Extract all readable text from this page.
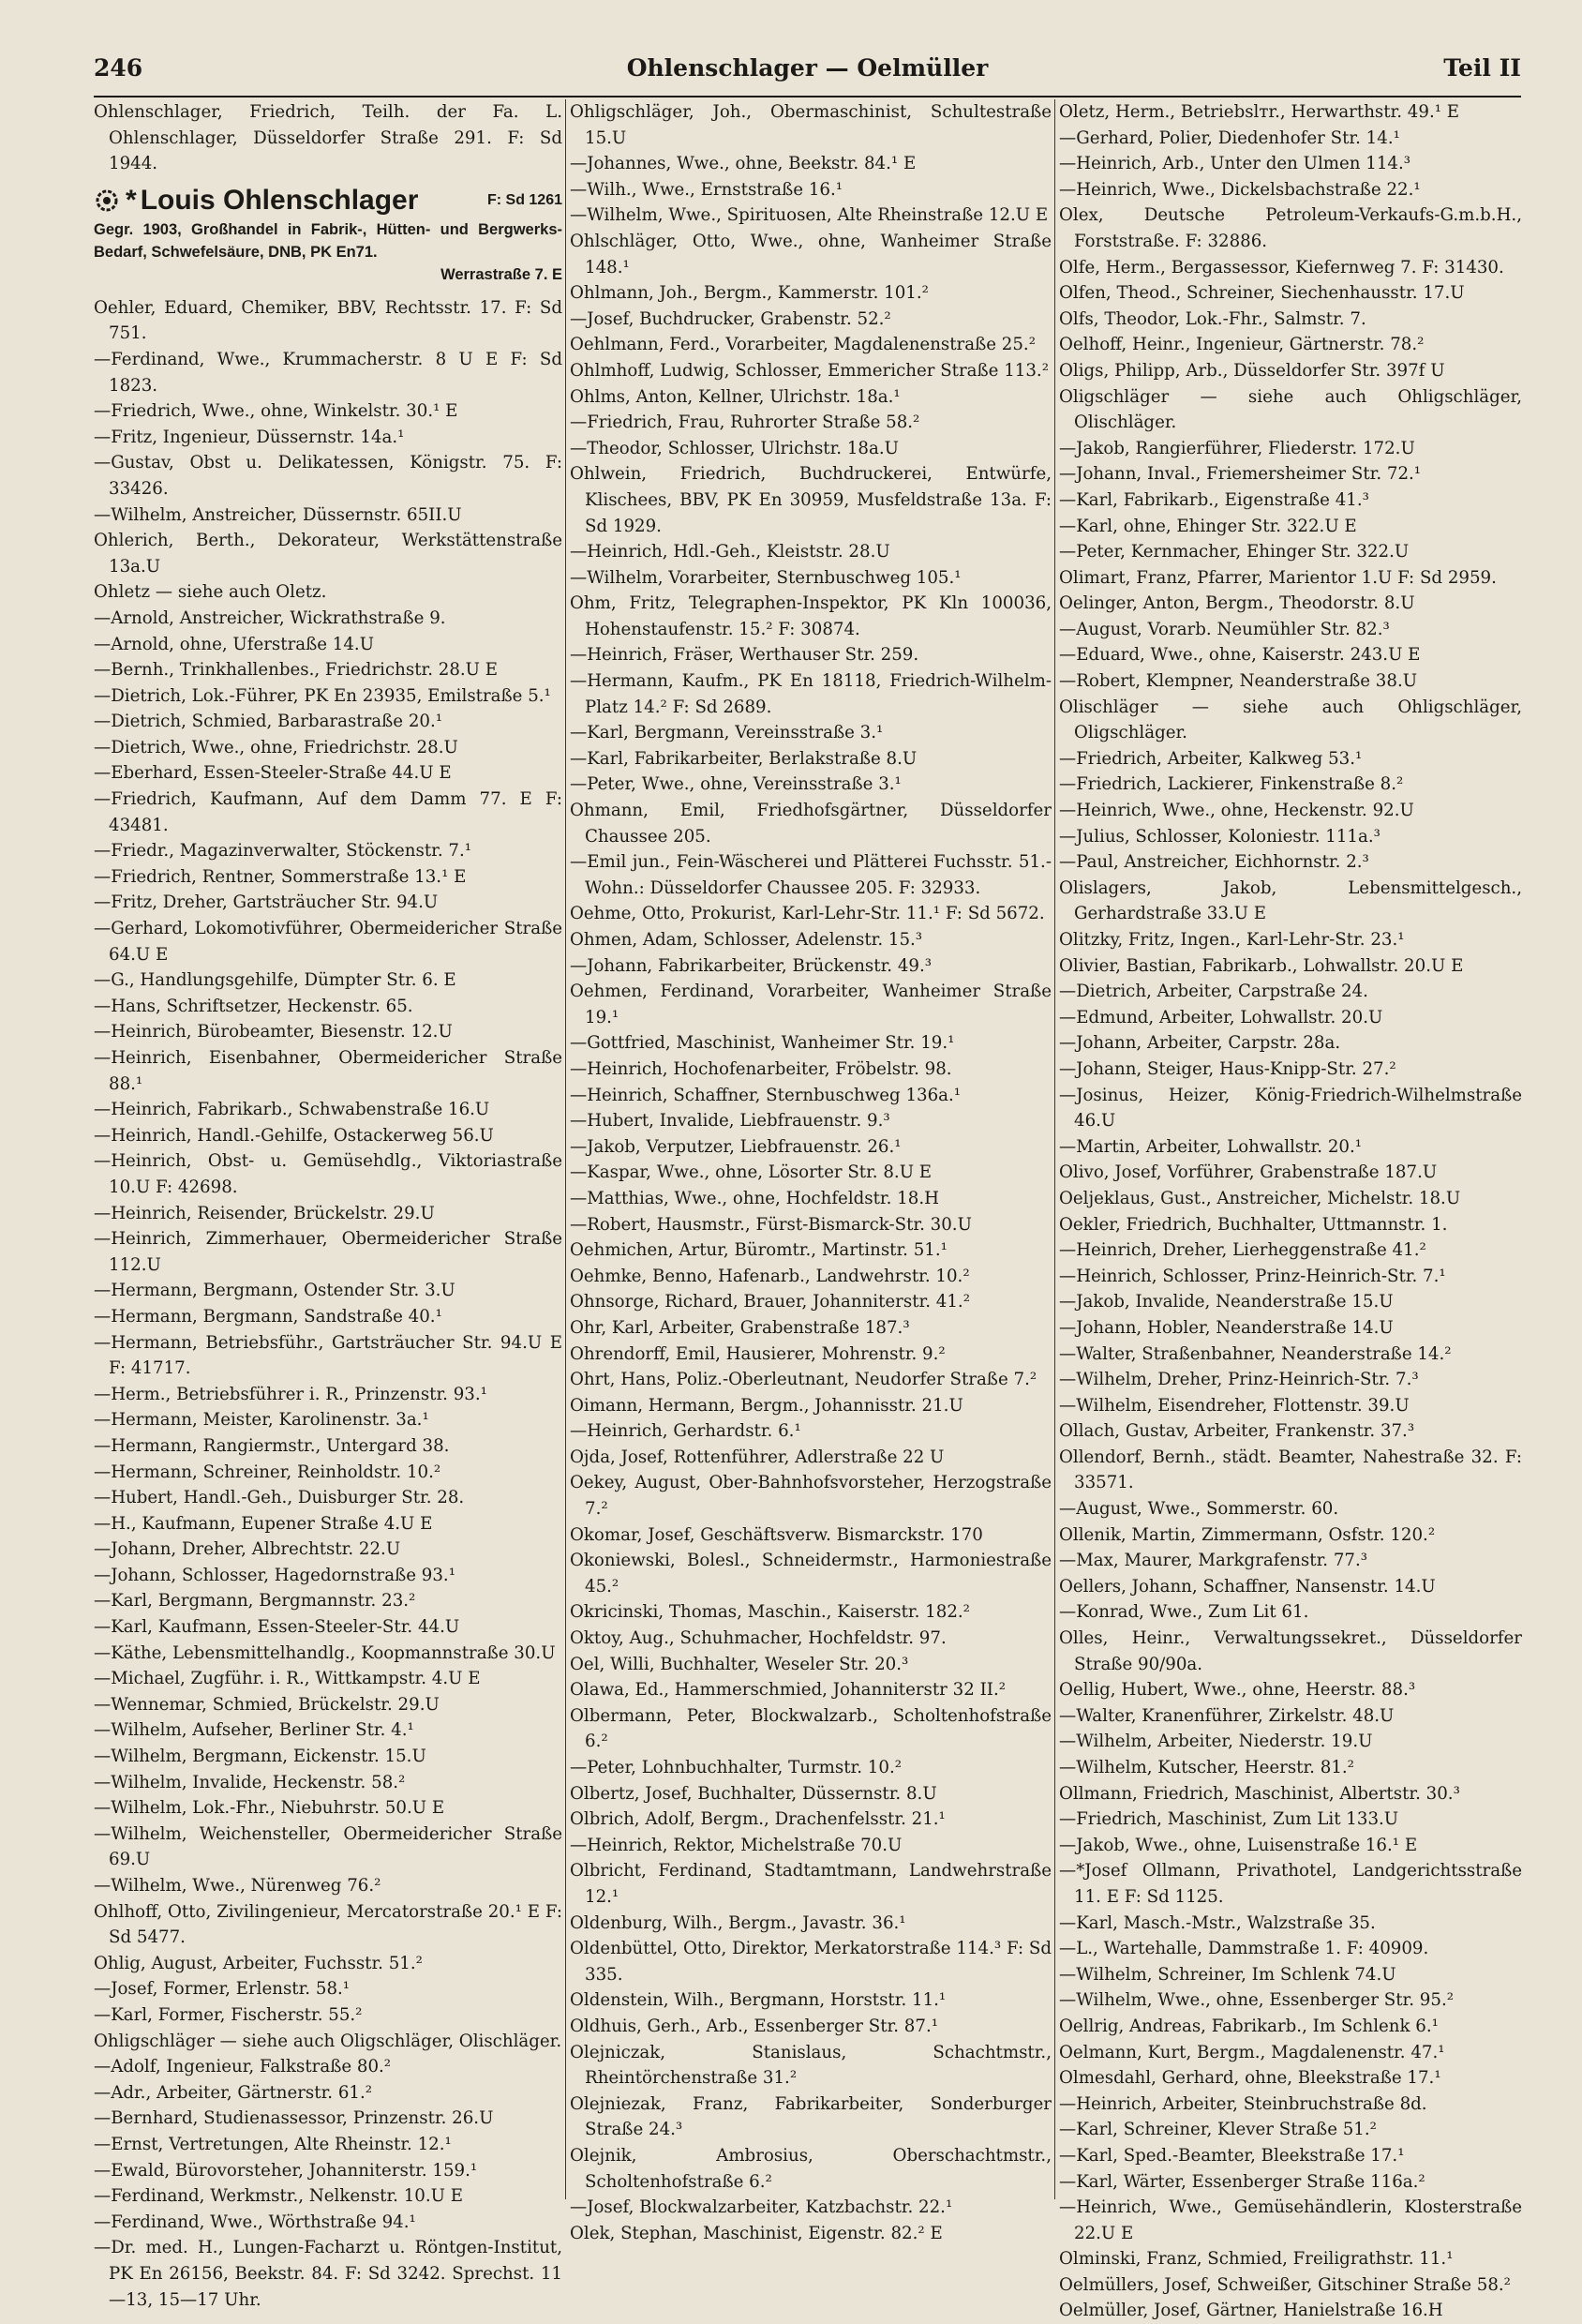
246	Ohlenschlager — Oelmüller	Teil II

Ohlenschlager, Friedrich, Teilh. der Fa. L. Ohlenschlager, Düsseldorfer Straße 291. F: Sd 1944.

* Louis Ohlenschlager	F: Sd 1261
Gegr. 1903, Großhandel in Fabrik-, Hütten- und Bergwerks-Bedarf, Schwefelsäure, DNB, PK En71.
Werrastraße 7. E

Oehler, Eduard, Chemiker, BBV, Rechtsstr. 17. F: Sd 751.

—Ferdinand, Wwe., Krummacherstr. 8 U E F: Sd 1823.

—Friedrich, Wwe., ohne, Winkelstr. 30.¹ E

—Fritz, Ingenieur, Düssernstr. 14a.¹

—Gustav, Obst u. Delikatessen, Königstr. 75. F: 33426.

—Wilhelm, Anstreicher, Düssernstr. 65II.U

Ohlerich, Berth., Dekorateur, Werkstättenstraße 13a.U

Ohletz — siehe auch Oletz.

—Arnold, Anstreicher, Wickrathstraße 9.

—Arnold, ohne, Uferstraße 14.U

—Bernh., Trinkhallenbes., Friedrichstr. 28.U E

—Dietrich, Lok.-Führer, PK En 23935, Emilstraße 5.¹

—Dietrich, Schmied, Barbarastraße 20.¹

—Dietrich, Wwe., ohne, Friedrichstr. 28.U

—Eberhard, Essen-Steeler-Straße 44.U E

—Friedrich, Kaufmann, Auf dem Damm 77. E F: 43481.

—Friedr., Magazinverwalter, Stöckenstr. 7.¹

—Friedrich, Rentner, Sommerstraße 13.¹ E

—Fritz, Dreher, Gartsträucher Str. 94.U

—Gerhard, Lokomotivführer, Obermeidericher Straße 64.U E

—G., Handlungsgehilfe, Dümpter Str. 6. E

—Hans, Schriftsetzer, Heckenstr. 65.

—Heinrich, Bürobeamter, Biesenstr. 12.U

—Heinrich, Eisenbahner, Obermeidericher Straße 88.¹

—Heinrich, Fabrikarb., Schwabenstraße 16.U

—Heinrich, Handl.-Gehilfe, Ostackerweg 56.U

—Heinrich, Obst- u. Gemüsehdlg., Viktoriastraße 10.U F: 42698.

—Heinrich, Reisender, Brückelstr. 29.U

—Heinrich, Zimmerhauer, Obermeidericher Straße 112.U

—Hermann, Bergmann, Ostender Str. 3.U

—Hermann, Bergmann, Sandstraße 40.¹

—Hermann, Betriebsführ., Gartsträucher Str. 94.U E F: 41717.

—Herm., Betriebsführer i. R., Prinzenstr. 93.¹

—Hermann, Meister, Karolinenstr. 3a.¹

—Hermann, Rangiermstr., Untergard 38.

—Hermann, Schreiner, Reinholdstr. 10.²

—Hubert, Handl.-Geh., Duisburger Str. 28.

—H., Kaufmann, Eupener Straße 4.U E

—Johann, Dreher, Albrechtstr. 22.U

—Johann, Schlosser, Hagedornstraße 93.¹

—Karl, Bergmann, Bergmannstr. 23.²

—Karl, Kaufmann, Essen-Steeler-Str. 44.U

—Käthe, Lebensmittelhandlg., Koopmannstraße 30.U

—Michael, Zugführ. i. R., Wittkampstr. 4.U E

—Wennemar, Schmied, Brückelstr. 29.U

—Wilhelm, Aufseher, Berliner Str. 4.¹

—Wilhelm, Bergmann, Eickenstr. 15.U

—Wilhelm, Invalide, Heckenstr. 58.²

—Wilhelm, Lok.-Fhr., Niebuhrstr. 50.U E

—Wilhelm, Weichensteller, Obermeidericher Straße 69.U

—Wilhelm, Wwe., Nürenweg 76.²

Ohlhoff, Otto, Zivilingenieur, Mercatorstraße 20.¹ E F: Sd 5477.

Ohlig, August, Arbeiter, Fuchsstr. 51.²

—Josef, Former, Erlenstr. 58.¹

—Karl, Former, Fischerstr. 55.²

Ohligschläger — siehe auch Oligschläger, Olischläger.

—Adolf, Ingenieur, Falkstraße 80.²

—Adr., Arbeiter, Gärtnerstr. 61.²

—Bernhard, Studienassessor, Prinzenstr. 26.U

—Ernst, Vertretungen, Alte Rheinstr. 12.¹

—Ewald, Bürovorsteher, Johanniterstr. 159.¹

—Ferdinand, Werkmstr., Nelkenstr. 10.U E

—Ferdinand, Wwe., Wörthstraße 94.¹

—Dr. med. H., Lungen-Facharzt u. Röntgen-Institut, PK En 26156, Beekstr. 84. F: Sd 3242. Sprechst. 11—13, 15—17 Uhr.

Ohligschläger, Joh., Obermaschinist, Schultestraße 15.U

—Johannes, Wwe., ohne, Beekstr. 84.¹ E

—Wilh., Wwe., Ernststraße 16.¹

—Wilhelm, Wwe., Spirituosen, Alte Rheinstraße 12.U E

Ohlschläger, Otto, Wwe., ohne, Wanheimer Straße 148.¹

Ohlmann, Joh., Bergm., Kammerstr. 101.²

—Josef, Buchdrucker, Grabenstr. 52.²

Oehlmann, Ferd., Vorarbeiter, Magdalenenstraße 25.²

Ohlmhoff, Ludwig, Schlosser, Emmericher Straße 113.²

Ohlms, Anton, Kellner, Ulrichstr. 18a.¹

—Friedrich, Frau, Ruhrorter Straße 58.²

—Theodor, Schlosser, Ulrichstr. 18a.U

Ohlwein, Friedrich, Buchdruckerei, Entwürfe, Klischees, BBV, PK En 30959, Musfeldstraße 13a. F: Sd 1929.

—Heinrich, Hdl.-Geh., Kleiststr. 28.U

—Wilhelm, Vorarbeiter, Sternbuschweg 105.¹

Ohm, Fritz, Telegraphen-Inspektor, PK Kln 100036, Hohenstaufenstr. 15.² F: 30874.

—Heinrich, Fräser, Werthauser Str. 259.

—Hermann, Kaufm., PK En 18118, Friedrich-Wilhelm-Platz 14.² F: Sd 2689.

—Karl, Bergmann, Vereinsstraße 3.¹

—Karl, Fabrikarbeiter, Berlakstraße 8.U

—Peter, Wwe., ohne, Vereinsstraße 3.¹

Ohmann, Emil, Friedhofsgärtner, Düsseldorfer Chaussee 205.

—Emil jun., Fein-Wäscherei und Plätterei Fuchsstr. 51.- Wohn.: Düsseldorfer Chaussee 205. F: 32933.

Oehme, Otto, Prokurist, Karl-Lehr-Str. 11.¹ F: Sd 5672.

Ohmen, Adam, Schlosser, Adelenstr. 15.³

—Johann, Fabrikarbeiter, Brückenstr. 49.³

Oehmen, Ferdinand, Vorarbeiter, Wanheimer Straße 19.¹

—Gottfried, Maschinist, Wanheimer Str. 19.¹

—Heinrich, Hochofenarbeiter, Fröbelstr. 98.

—Heinrich, Schaffner, Sternbuschweg 136a.¹

—Hubert, Invalide, Liebfrauenstr. 9.³

—Jakob, Verputzer, Liebfrauenstr. 26.¹

—Kaspar, Wwe., ohne, Lösorter Str. 8.U E

—Matthias, Wwe., ohne, Hochfeldstr. 18.H

—Robert, Hausmstr., Fürst-Bismarck-Str. 30.U

Oehmichen, Artur, Büromtr., Martinstr. 51.¹

Oehmke, Benno, Hafenarb., Landwehrstr. 10.²

Ohnsorge, Richard, Brauer, Johanniterstr. 41.²

Ohr, Karl, Arbeiter, Grabenstraße 187.³

Ohrendorff, Emil, Hausierer, Mohrenstr. 9.²

Ohrt, Hans, Poliz.-Oberleutnant, Neudorfer Straße 7.²

Oimann, Hermann, Bergm., Johannisstr. 21.U

—Heinrich, Gerhardstr. 6.¹

Ojda, Josef, Rottenführer, Adlerstraße 22 U

Oekey, August, Ober-Bahnhofsvorsteher, Herzogstraße 7.²

Okomar, Josef, Geschäftsverw. Bismarckstr. 170

Okoniewski, Bolesl., Schneidermstr., Harmoniestraße 45.²

Okricinski, Thomas, Maschin., Kaiserstr. 182.²

Oktoy, Aug., Schuhmacher, Hochfeldstr. 97.

Oel, Willi, Buchhalter, Weseler Str. 20.³

Olawa, Ed., Hammerschmied, Johanniterstr 32 II.²

Olbermann, Peter, Blockwalzarb., Scholtenhofstraße 6.²

—Peter, Lohnbuchhalter, Turmstr. 10.²

Olbertz, Josef, Buchhalter, Düssernstr. 8.U

Olbrich, Adolf, Bergm., Drachenfelsstr. 21.¹

—Heinrich, Rektor, Michelstraße 70.U

Olbricht, Ferdinand, Stadtamtmann, Landwehrstraße 12.¹

Oldenburg, Wilh., Bergm., Javastr. 36.¹

Oldenbüttel, Otto, Direktor, Merkatorstraße 114.³ F: Sd 335.

Oldenstein, Wilh., Bergmann, Horststr. 11.¹

Oldhuis, Gerh., Arb., Essenberger Str. 87.¹

Olejniczak, Stanislaus, Schachtmstr., Rheintörchenstraße 31.²

Olejniezak, Franz, Fabrikarbeiter, Sonderburger Straße 24.³

Olejnik, Ambrosius, Oberschachtmstr., Scholtenhofstraße 6.²

—Josef, Blockwalzarbeiter, Katzbachstr. 22.¹

Olek, Stephan, Maschinist, Eigenstr. 82.² E

Oletz, Herm., Betriebslтr., Herwarthstr. 49.¹ E

—Gerhard, Polier, Diedenhofer Str. 14.¹

—Heinrich, Arb., Unter den Ulmen 114.³

—Heinrich, Wwe., Dickelsbachstraße 22.¹

Olex, Deutsche Petroleum-Verkaufs-G.m.b.H., Forststraße. F: 32886.

Olfe, Herm., Bergassessor, Kiefernweg 7. F: 31430.

Olfen, Theod., Schreiner, Siechenhausstr. 17.U

Olfs, Theodor, Lok.-Fhr., Salmstr. 7.

Oelhoff, Heinr., Ingenieur, Gärtnerstr. 78.²

Oligs, Philipp, Arb., Düsseldorfer Str. 397f U

Oligschläger — siehe auch Ohligschläger, Olischläger.

—Jakob, Rangierführer, Fliederstr. 172.U

—Johann, Inval., Friemersheimer Str. 72.¹

—Karl, Fabrikarb., Eigenstraße 41.³

—Karl, ohne, Ehinger Str. 322.U E

—Peter, Kernmacher, Ehinger Str. 322.U

Olimart, Franz, Pfarrer, Marientor 1.U F: Sd 2959.

Oelinger, Anton, Bergm., Theodorstr. 8.U

—August, Vorarb. Neumühler Str. 82.³

—Eduard, Wwe., ohne, Kaiserstr. 243.U E

—Robert, Klempner, Neanderstraße 38.U

Olischläger — siehe auch Ohligschläger, Oligschläger.

—Friedrich, Arbeiter, Kalkweg 53.¹

—Friedrich, Lackierer, Finkenstraße 8.²

—Heinrich, Wwe., ohne, Heckenstr. 92.U

—Julius, Schlosser, Koloniestr. 111a.³

—Paul, Anstreicher, Eichhornstr. 2.³

Olislagers, Jakob, Lebensmittelgesch., Gerhardstraße 33.U E

Olitzky, Fritz, Ingen., Karl-Lehr-Str. 23.¹

Olivier, Bastian, Fabrikarb., Lohwallstr. 20.U E

—Dietrich, Arbeiter, Carpstraße 24.

—Edmund, Arbeiter, Lohwallstr. 20.U

—Johann, Arbeiter, Carpstr. 28a.

—Johann, Steiger, Haus-Knipp-Str. 27.²

—Josinus, Heizer, König-Friedrich-Wilhelmstraße 46.U

—Martin, Arbeiter, Lohwallstr. 20.¹

Olivo, Josef, Vorführer, Grabenstraße 187.U

Oeljeklaus, Gust., Anstreicher, Michelstr. 18.U

Oekler, Friedrich, Buchhalter, Uttmannstr. 1.

—Heinrich, Dreher, Lierheggenstraße 41.²

—Heinrich, Schlosser, Prinz-Heinrich-Str. 7.¹

—Jakob, Invalide, Neanderstraße 15.U

—Johann, Hobler, Neanderstraße 14.U

—Walter, Straßenbahner, Neanderstraße 14.²

—Wilhelm, Dreher, Prinz-Heinrich-Str. 7.³

—Wilhelm, Eisendreher, Flottenstr. 39.U

Ollach, Gustav, Arbeiter, Frankenstr. 37.³

Ollendorf, Bernh., städt. Beamter, Nahestraße 32. F: 33571.

—August, Wwe., Sommerstr. 60.

Ollenik, Martin, Zimmermann, Osfstr. 120.²

—Max, Maurer, Markgrafenstr. 77.³

Oellers, Johann, Schaffner, Nansenstr. 14.U

—Konrad, Wwe., Zum Lit 61.

Olles, Heinr., Verwaltungssekret., Düsseldorfer Straße 90/90a.

Oellig, Hubert, Wwe., ohne, Heerstr. 88.³

—Walter, Kranenführer, Zirkelstr. 48.U

—Wilhelm, Arbeiter, Niederstr. 19.U

—Wilhelm, Kutscher, Heerstr. 81.²

Ollmann, Friedrich, Maschinist, Albertstr. 30.³

—Friedrich, Maschinist, Zum Lit 133.U

—Jakob, Wwe., ohne, Luisenstraße 16.¹ E

—*Josef Ollmann, Privathotel, Landgerichtsstraße 11. E F: Sd 1125.

—Karl, Masch.-Mstr., Walzstraße 35.

—L., Wartehalle, Dammstraße 1. F: 40909.

—Wilhelm, Schreiner, Im Schlenk 74.U

—Wilhelm, Wwe., ohne, Essenberger Str. 95.²

Oellrig, Andreas, Fabrikarb., Im Schlenk 6.¹

Oelmann, Kurt, Bergm., Magdalenenstr. 47.¹

Olmesdahl, Gerhard, ohne, Bleekstraße 17.¹

—Heinrich, Arbeiter, Steinbruchstraße 8d.

—Karl, Schreiner, Klever Straße 51.²

—Karl, Sped.-Beamter, Bleekstraße 17.¹

—Karl, Wärter, Essenberger Straße 116a.²

—Heinrich, Wwe., Gemüsehändlerin, Klosterstraße 22.U E

Olminski, Franz, Schmied, Freiligrathstr. 11.¹

Oelmüllers, Josef, Schweißer, Gitschiner Straße 58.²

Oelmüller, Josef, Gärtner, Hanielstraße 16.H
